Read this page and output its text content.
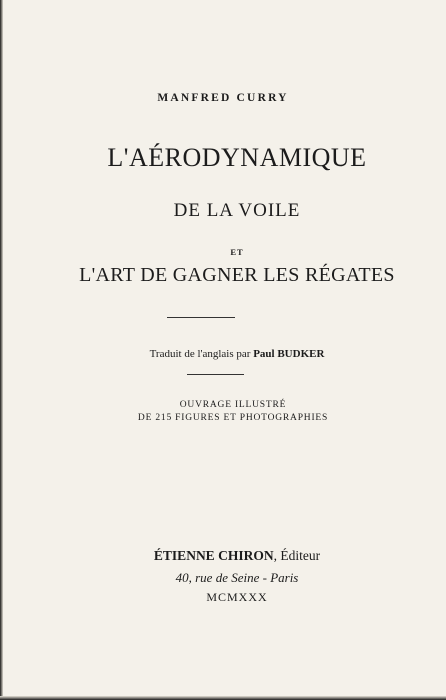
MANFRED CURRY
L'AÉRODYNAMIQUE
DE LA VOILE
ET
L'ART DE GAGNER LES RÉGATES
Traduit de l'anglais par Paul BUDKER
OUVRAGE ILLUSTRÉ
DE 215 FIGURES ET PHOTOGRAPHIES
ÉTIENNE CHIRON, Éditeur
40, rue de Seine - Paris
MCMXXX
